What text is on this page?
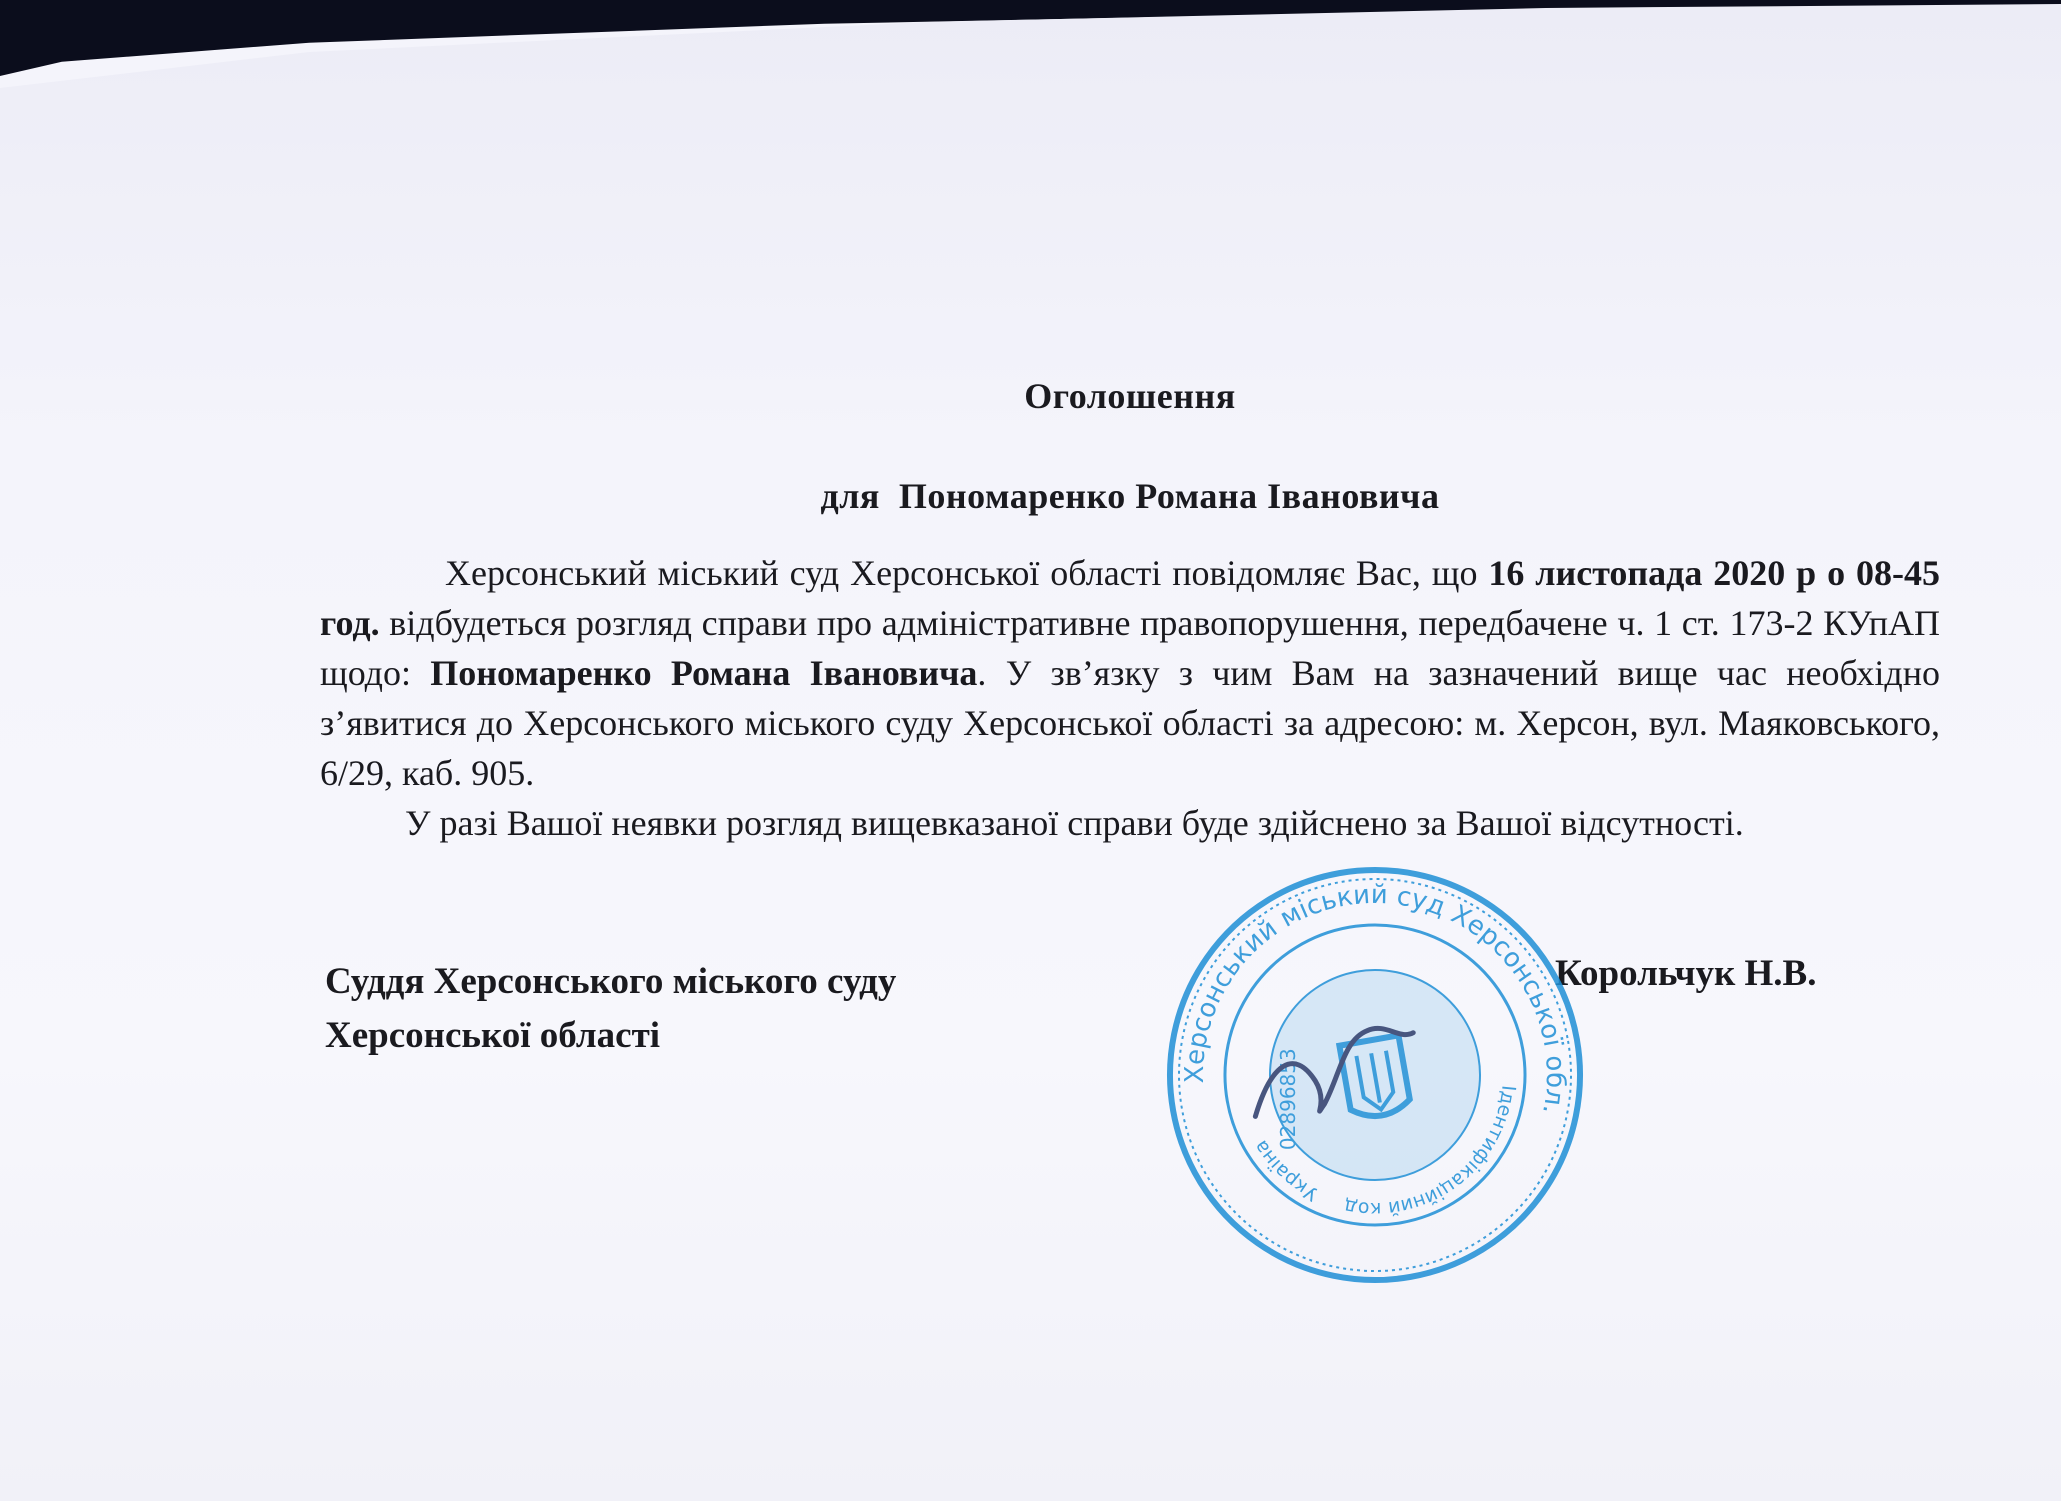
Оголошення
для Пономаренко Романа Івановича
Херсонський міський суд Херсонської області повідомляє Вас, що 16 листопада 2020 р о 08-45 год. відбудеться розгляд справи про адміністративне правопорушення, передбачене ч. 1 ст. 173-2 КУпАП щодо: Пономаренко Романа Івановича. У зв’язку з чим Вам на зазначений вище час необхідно з’явитися до Херсонського міського суду Херсонської області за адресою: м. Херсон, вул. Маяковського, 6/29, каб. 905.
У разі Вашої неявки розгляд вищевказаної справи буде здійснено за Вашої відсутності.
Суддя Херсонського міського суду
Херсонської області
Корольчук Н.В.
Херсонський міський суд Херсонської обл.
Ідентифікаційний код
Україна 02896853
